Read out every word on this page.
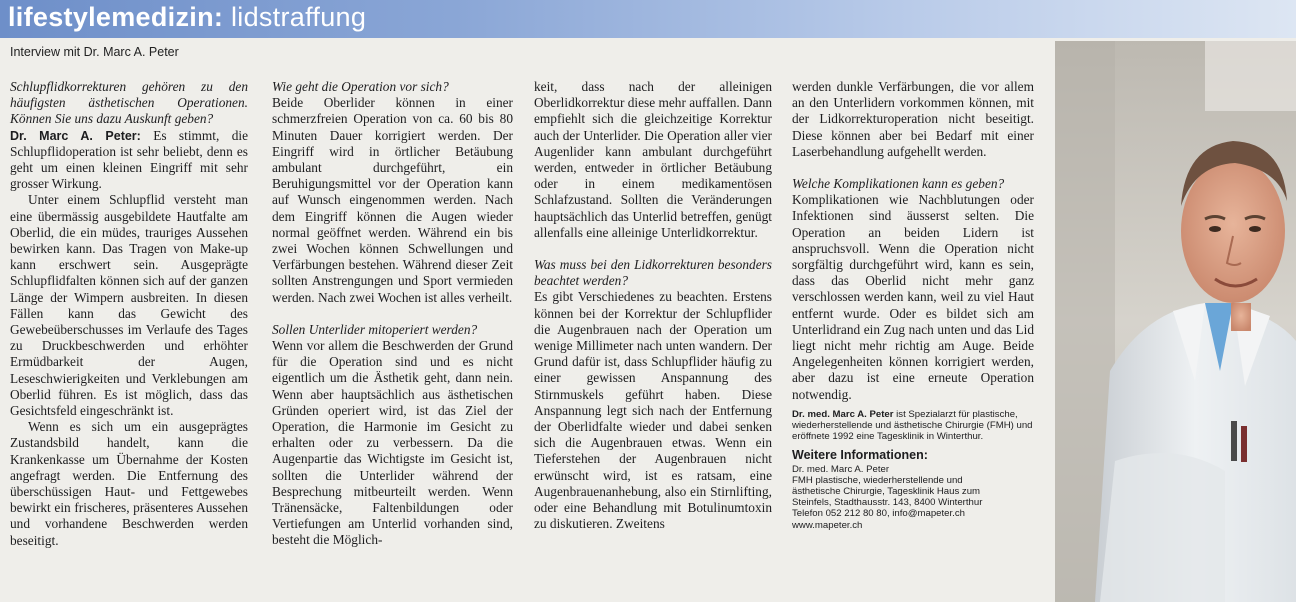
lifestylemedizin: lidstraffung
Interview mit Dr. Marc A. Peter

Schlupflidkorrekturen gehören zu den häufigsten ästhetischen Operationen. Können Sie uns dazu Auskunft geben?

Dr. Marc A. Peter: Es stimmt, die Schlupflidoperation ist sehr beliebt, denn es geht um einen kleinen Eingriff mit sehr grosser Wirkung.

Unter einem Schlupflid versteht man eine übermässig ausgebildete Hautfalte am Oberlid, die ein müdes, trauriges Aussehen bewirken kann. Das Tragen von Make-up kann erschwert sein. Ausgeprägte Schlupflidfalten können sich auf der ganzen Länge der Wimpern ausbreiten. In diesen Fällen kann das Gewicht des Gewebeüberschusses im Verlaufe des Tages zu Druckbeschwerden und erhöhter Ermüdbarkeit der Augen, Leseschwierigkeiten und Verklebungen am Oberlid führen. Es ist möglich, dass das Gesichtsfeld eingeschränkt ist.

Wenn es sich um ein ausgeprägtes Zustandsbild handelt, kann die Krankenkasse um Übernahme der Kosten angefragt werden. Die Entfernung des überschüssigen Haut- und Fettgewebes bewirkt ein frischeres, präsenteres Aussehen und vorhandene Beschwerden werden beseitigt.

Wie geht die Operation vor sich?

Beide Oberlider können in einer schmerzfreien Operation von ca. 60 bis 80 Minuten Dauer korrigiert werden. Der Eingriff wird in örtlicher Betäubung ambulant durchgeführt, ein Beruhigungsmittel vor der Operation kann auf Wunsch eingenommen werden. Nach dem Eingriff können die Augen wieder normal geöffnet werden. Während ein bis zwei Wochen können Schwellungen und Verfärbungen bestehen. Während dieser Zeit sollten Anstrengungen und Sport vermieden werden. Nach zwei Wochen ist alles verheilt.

Sollen Unterlider mitoperiert werden?

Wenn vor allem die Beschwerden der Grund für die Operation sind und es nicht eigentlich um die Ästhetik geht, dann nein. Wenn aber hauptsächlich aus ästhetischen Gründen operiert wird, ist das Ziel der Operation, die Harmonie im Gesicht zu erhalten oder zu verbessern. Da die Augenpartie das Wichtigste im Gesicht ist, sollten die Unterlider während der Besprechung mitbeurteilt werden. Wenn Tränensäcke, Faltenbildungen oder Vertiefungen am Unterlid vorhanden sind, besteht die Möglich-

keit, dass nach der alleinigen Oberlidkorrektur diese mehr auffallen. Dann empfiehlt sich die gleichzeitige Korrektur auch der Unterlider. Die Operation aller vier Augenlider kann ambulant durchgeführt werden, entweder in örtlicher Betäubung oder in einem medikamentösen Schlafzustand. Sollten die Veränderungen hauptsächlich das Unterlid betreffen, genügt allenfalls eine alleinige Unterlidkorrektur.

Was muss bei den Lidkorrekturen besonders beachtet werden?

Es gibt Verschiedenes zu beachten. Erstens können bei der Korrektur der Schlupflider die Augenbrauen nach der Operation um wenige Millimeter nach unten wandern. Der Grund dafür ist, dass Schlupflider häufig zu einer gewissen Anspannung des Stirnmuskels geführt haben. Diese Anspannung legt sich nach der Entfernung der Oberlidfalte wieder und dabei senken sich die Augenbrauen etwas. Wenn ein Tieferstehen der Augenbrauen nicht erwünscht wird, ist es ratsam, eine Augenbrauenanhebung, also ein Stirnlifting, oder eine Behandlung mit Botulinumtoxin zu diskutieren. Zweitens

werden dunkle Verfärbungen, die vor allem an den Unterlidern vorkommen können, mit der Lidkorrekturoperation nicht beseitigt. Diese können aber bei Bedarf mit einer Laserbehandlung aufgehellt werden.

Welche Komplikationen kann es geben?

Komplikationen wie Nachblutungen oder Infektionen sind äusserst selten. Die Operation an beiden Lidern ist anspruchsvoll. Wenn die Operation nicht sorgfältig durchgeführt wird, kann es sein, dass das Oberlid nicht mehr ganz verschlossen werden kann, weil zu viel Haut entfernt wurde. Oder es bildet sich am Unterlidrand ein Zug nach unten und das Lid liegt nicht mehr richtig am Auge. Beide Angelegenheiten können korrigiert werden, aber dazu ist eine erneute Operation notwendig.

Dr. med. Marc A. Peter ist Spezialarzt für plastische, wiederherstellende und ästhetische Chirurgie (FMH) und eröffnete 1992 eine Tagesklinik in Winterthur.

Weitere Informationen:

Dr. med. Marc A. Peter
FMH plastische, wiederherstellende und
ästhetische Chirurgie, Tagesklinik Haus zum
Steinfels, Stadthausstr. 143, 8400 Winterthur
Telefon 052 212 80 80, info@mapeter.ch
www.mapeter.ch
